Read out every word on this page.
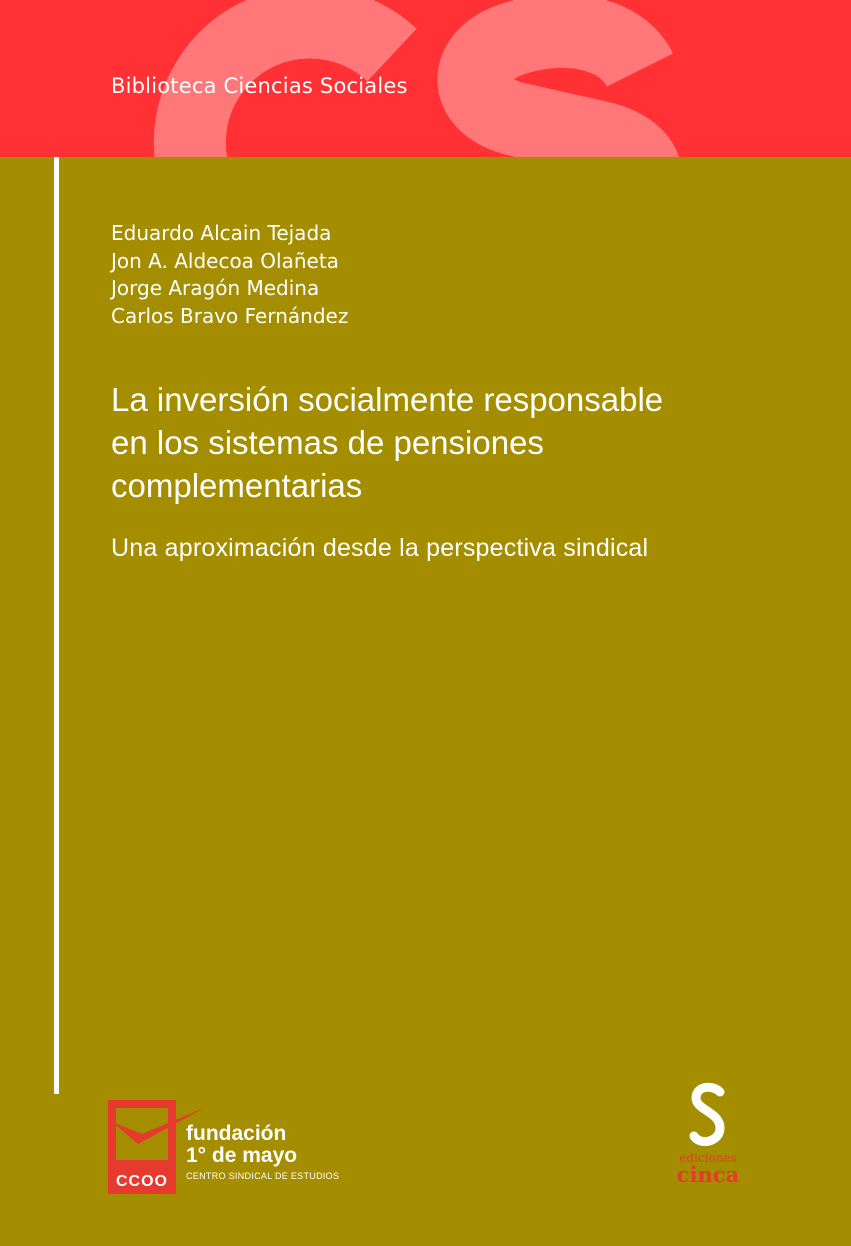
Biblioteca Ciencias Sociales
Eduardo Alcain Tejada
Jon A. Aldecoa Olañeta
Jorge Aragón Medina
Carlos Bravo Fernández
La inversión socialmente responsable
en los sistemas de pensiones
complementarias
Una aproximación desde la perspectiva sindical
CCOO
fundación
1° de mayo
CENTRO SINDICAL DE ESTUDIOS
ediciones
cinca
